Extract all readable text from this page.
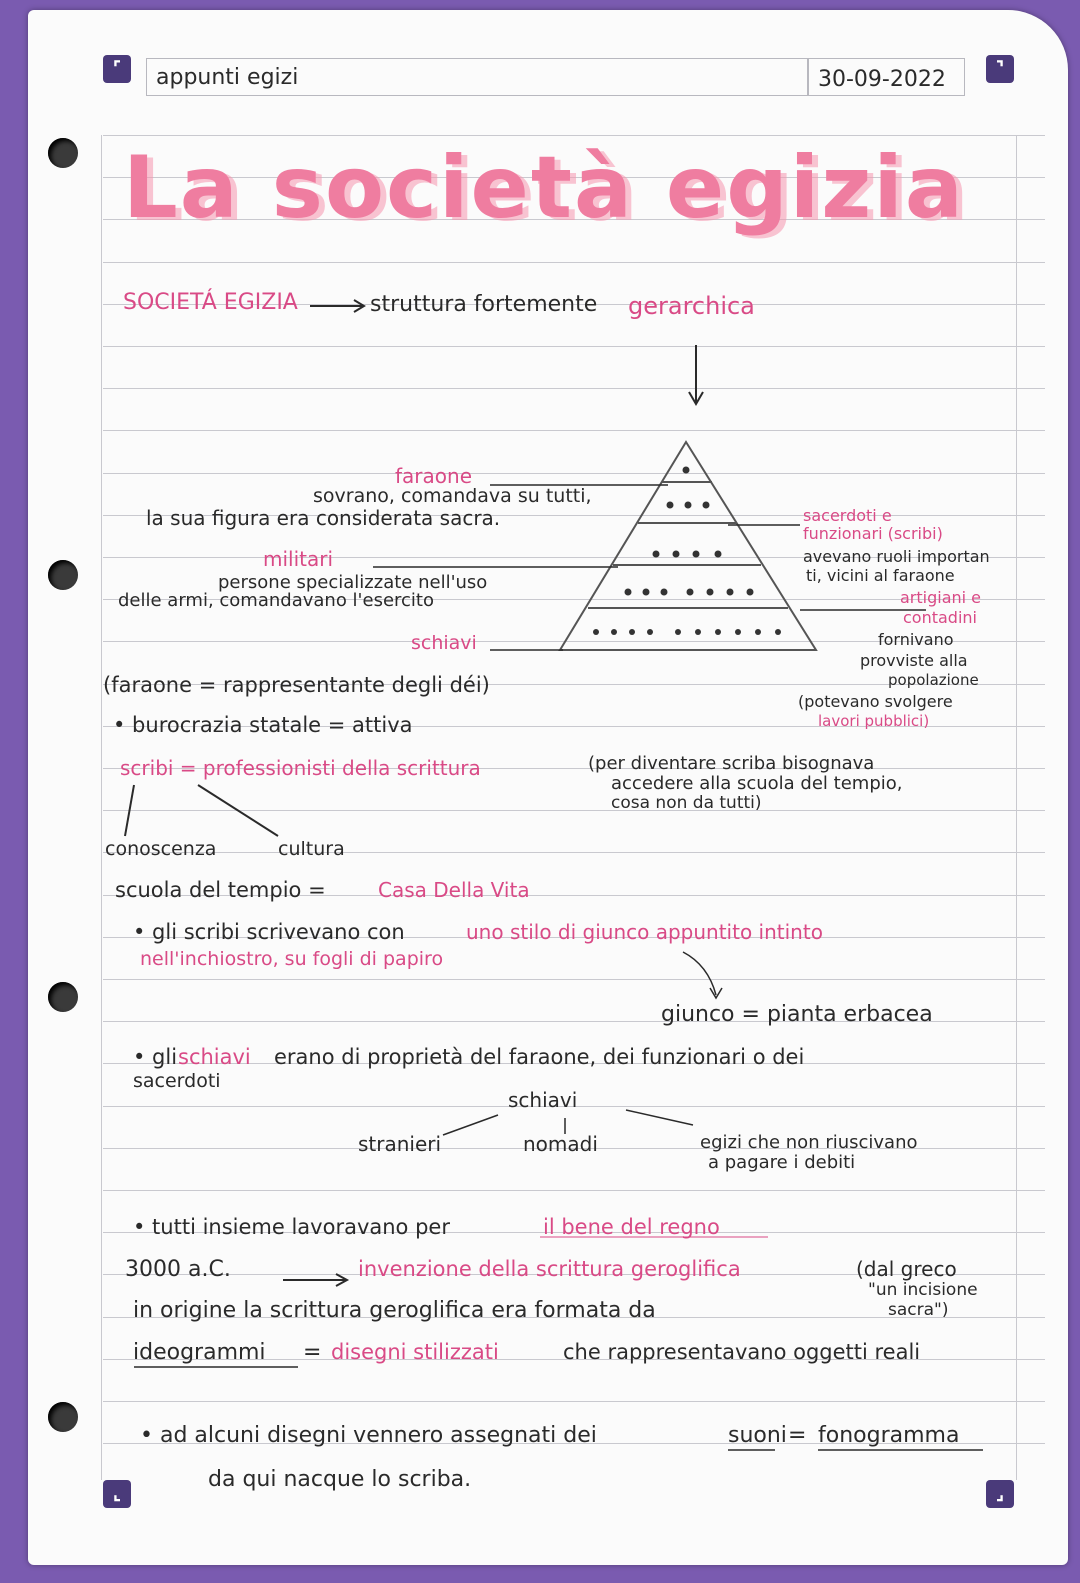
⌜	⌝
⌞	⌟
appunti egizi	30-09-2022
La società egizia
SOCIETÁ EGIZIA	struttura fortemente gerarchica
faraone
sovrano, comandava su tutti,
la sua figura era considerata sacra.
militari
persone specializzate nell'uso
delle armi, comandavano l'esercito
schiavi
sacerdoti e
funzionari (scribi)
avevano ruoli importan
ti, vicini al faraone
artigiani e
contadini
fornivano
provviste alla
popolazione
(potevano svolgere
lavori pubblici)
(faraone = rappresentante degli déi)
• burocrazia statale = attiva
scribi = professionisti della scrittura	(per diventare scriba bisognava
accedere alla scuola del tempio,
cosa non da tutti)
conoscenza	cultura
scuola del tempio =	Casa Della Vita
• gli scribi scrivevano con	uno stilo di giunco appuntito intinto
nell'inchiostro, su fogli di papiro
giunco = pianta erbacea
• gli schiavi erano di proprietà del faraone, dei funzionari o dei
sacerdoti
schiavi
stranieri	nomadi	egizi che non riuscivano
a pagare i debiti
• tutti insieme lavoravano per	il bene del regno
3000 a.C.	invenzione della scrittura geroglifica	(dal greco
"un incisione
sacra")
in origine la scrittura geroglifica era formata da
ideogrammi = disegni stilizzati	che rappresentavano oggetti reali
• ad alcuni disegni vennero assegnati dei	suoni = fonogramma
da qui nacque lo scriba.
